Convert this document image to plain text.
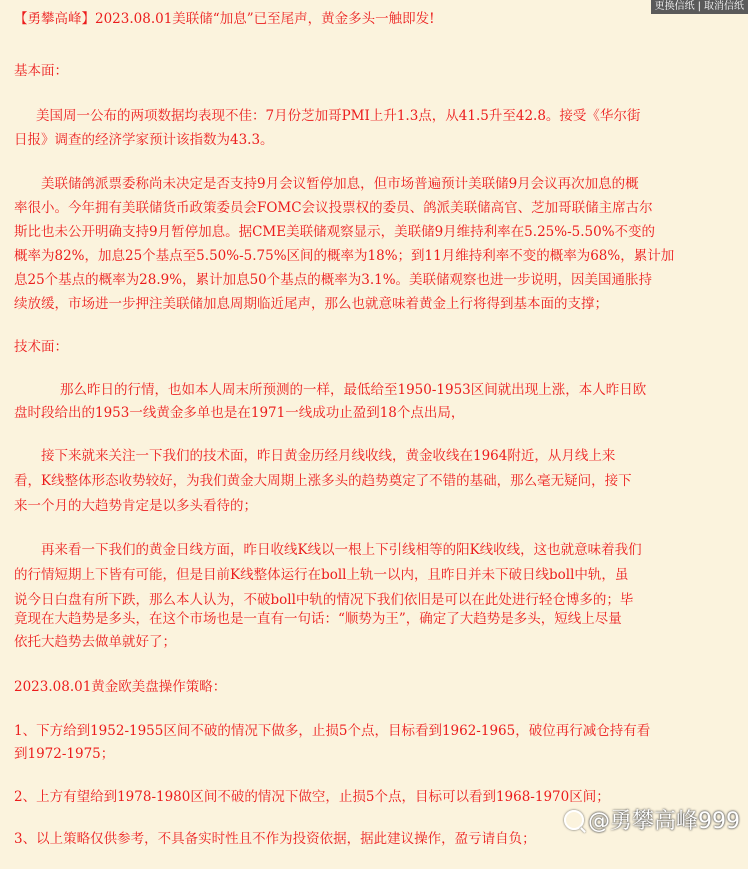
更换信纸 | 取消信纸
【勇攀高峰】2023.08.01美联储“加息”已至尾声，黄金多头一触即发!
基本面：
美国周一公布的两项数据均表现不佳：7月份芝加哥PMI上升1.3点，从41.5升至42.8。接受《华尔街
日报》调查的经济学家预计该指数为43.3。
美联储鸽派票委称尚未决定是否支持9月会议暂停加息，但市场普遍预计美联储9月会议再次加息的概
率很小。今年拥有美联储货币政策委员会FOMC会议投票权的委员、鸽派美联储高官、芝加哥联储主席古尔
斯比也未公开明确支持9月暂停加息。据CME美联储观察显示，美联储9月维持利率在5.25%-5.50%不变的
概率为82%，加息25个基点至5.50%-5.75%区间的概率为18%；到11月维持利率不变的概率为68%，累计加
息25个基点的概率为28.9%，累计加息50个基点的概率为3.1%。美联储观察也进一步说明，因美国通胀持
续放缓，市场进一步押注美联储加息周期临近尾声，那么也就意味着黄金上行将得到基本面的支撑；
技术面：
那么昨日的行情，也如本人周末所预测的一样，最低给至1950-1953区间就出现上涨，本人昨日欧
盘时段给出的1953一线黄金多单也是在1971一线成功止盈到18个点出局，
接下来就来关注一下我们的技术面，昨日黄金历经月线收线，黄金收线在1964附近，从月线上来
看，K线整体形态收势较好，为我们黄金大周期上涨多头的趋势奠定了不错的基础，那么毫无疑问，接下
来一个月的大趋势肯定是以多头看待的；
再来看一下我们的黄金日线方面，昨日收线K线以一根上下引线相等的阳K线收线，这也就意味着我们
的行情短期上下皆有可能，但是目前K线整体运行在boll上轨一以内，且昨日并未下破日线boll中轨，虽
说今日白盘有所下跌，那么本人认为，不破boll中轨的情况下我们依旧是可以在此处进行轻仓博多的；毕
竟现在大趋势是多头，在这个市场也是一直有一句话：“顺势为王”，确定了大趋势是多头，短线上尽量
依托大趋势去做单就好了；
2023.08.01黄金欧美盘操作策略：
1、下方给到1952-1955区间不破的情况下做多，止损5个点，目标看到1962-1965，破位再行减仓持有看
到1972-1975；
2、上方有望给到1978-1980区间不破的情况下做空，止损5个点，目标可以看到1968-1970区间；
3、以上策略仅供参考，不具备实时性且不作为投资依据，据此建议操作，盈亏请自负；
@勇攀高峰999
